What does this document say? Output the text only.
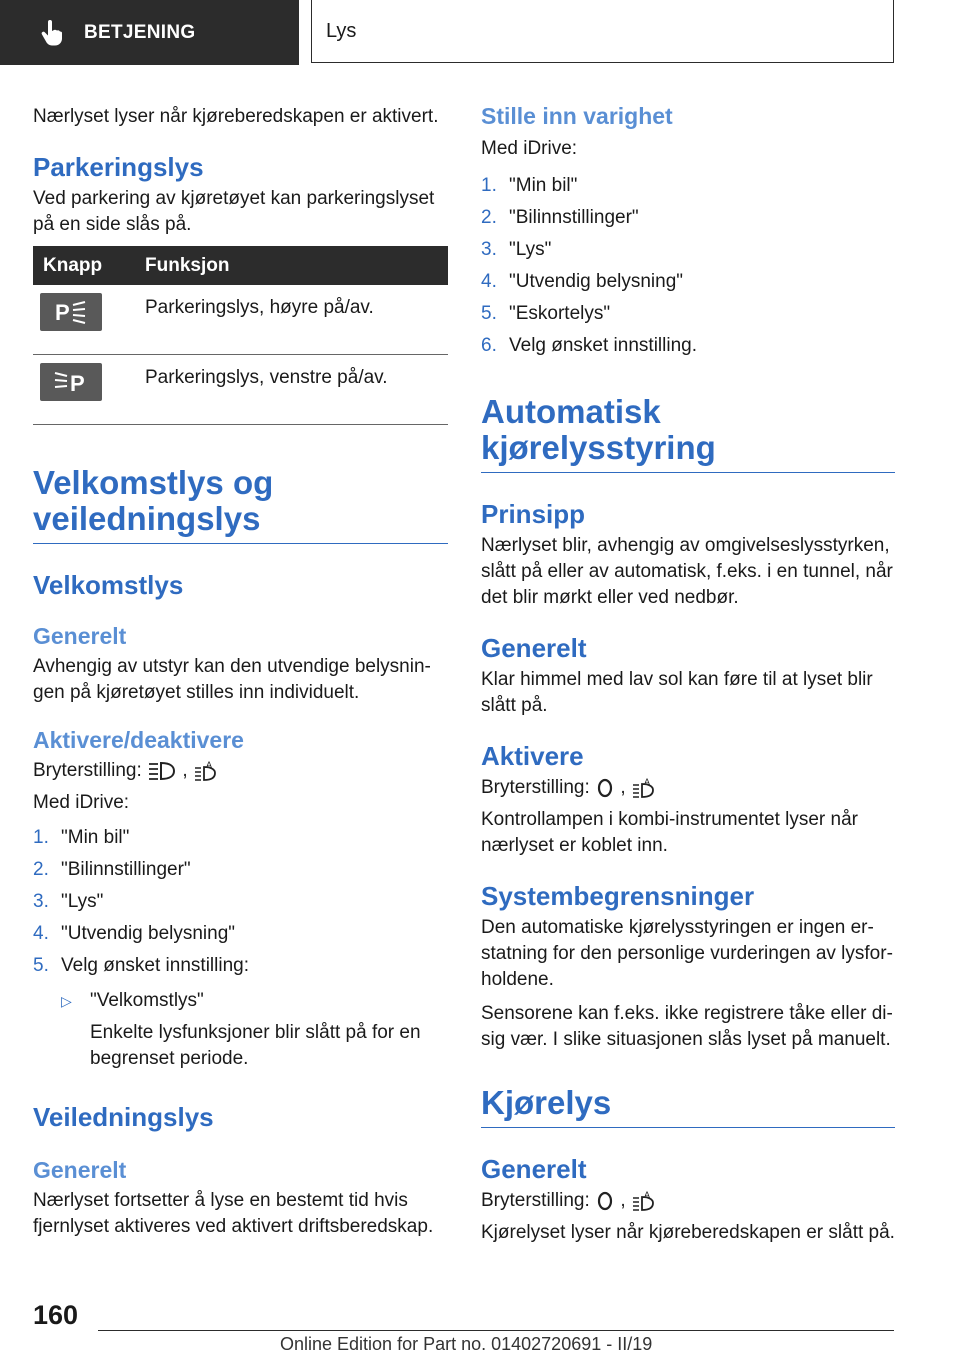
BETJENING	Lys

Nærlyset lyser når kjøreberedskapen er aktivert.

Parkeringslys

Ved parkering av kjøretøyet kan parkeringslyset på en side slås på.

Knapp	Funksjon

P	Parkeringslys, høyre på/av.

P	Parkeringslys, venstre på/av.
Velkomstlys og veiledningslys
Velkomstlys
Generelt

Avhengig av utstyr kan den utvendige belysningen på kjøretøyet stilles inn individuelt.

Aktivere/deaktivere

Bryterstilling: , A

Med iDrive:

1. "Min bil"
2. "Bilinnstillinger"
3. "Lys"
4. "Utvendig belysning"
5. Velg ønsket innstilling:
▷ "Velkomstlys"

Enkelte lysfunksjoner blir slått på for en begrenset periode.

Veiledningslys
Generelt

Nærlyset fortsetter å lyse en bestemt tid hvis fjernlyset aktiveres ved aktivert driftsberedskap.

Stille inn varighet

Med iDrive:

1. "Min bil"
2. "Bilinnstillinger"
3. "Lys"
4. "Utvendig belysning"
5. "Eskortelys"
6. Velg ønsket innstilling.
Automatisk kjørelysstyring
Prinsipp

Nærlyset blir, avhengig av omgivelseslysstyrken, slått på eller av automatisk, f.eks. i en tunnel, når det blir mørkt eller ved nedbør.

Generelt

Klar himmel med lav sol kan føre til at lyset blir slått på.

Aktivere

Bryterstilling: , A

Kontrollampen i kombi-instrumentet lyser når nærlyset er koblet inn.

Systembegrensninger

Den automatiske kjørelysstyringen er ingen erstatning for den personlige vurderingen av lysforholdene.

Sensorene kan f.eks. ikke registrere tåke eller disig vær. I slike situasjonen slås lyset på manuelt.

Kjørelys
Generelt

Bryterstilling: , A

Kjørelyset lyser når kjøreberedskapen er slått på.

160
Online Edition for Part no. 01402720691 - II/19
